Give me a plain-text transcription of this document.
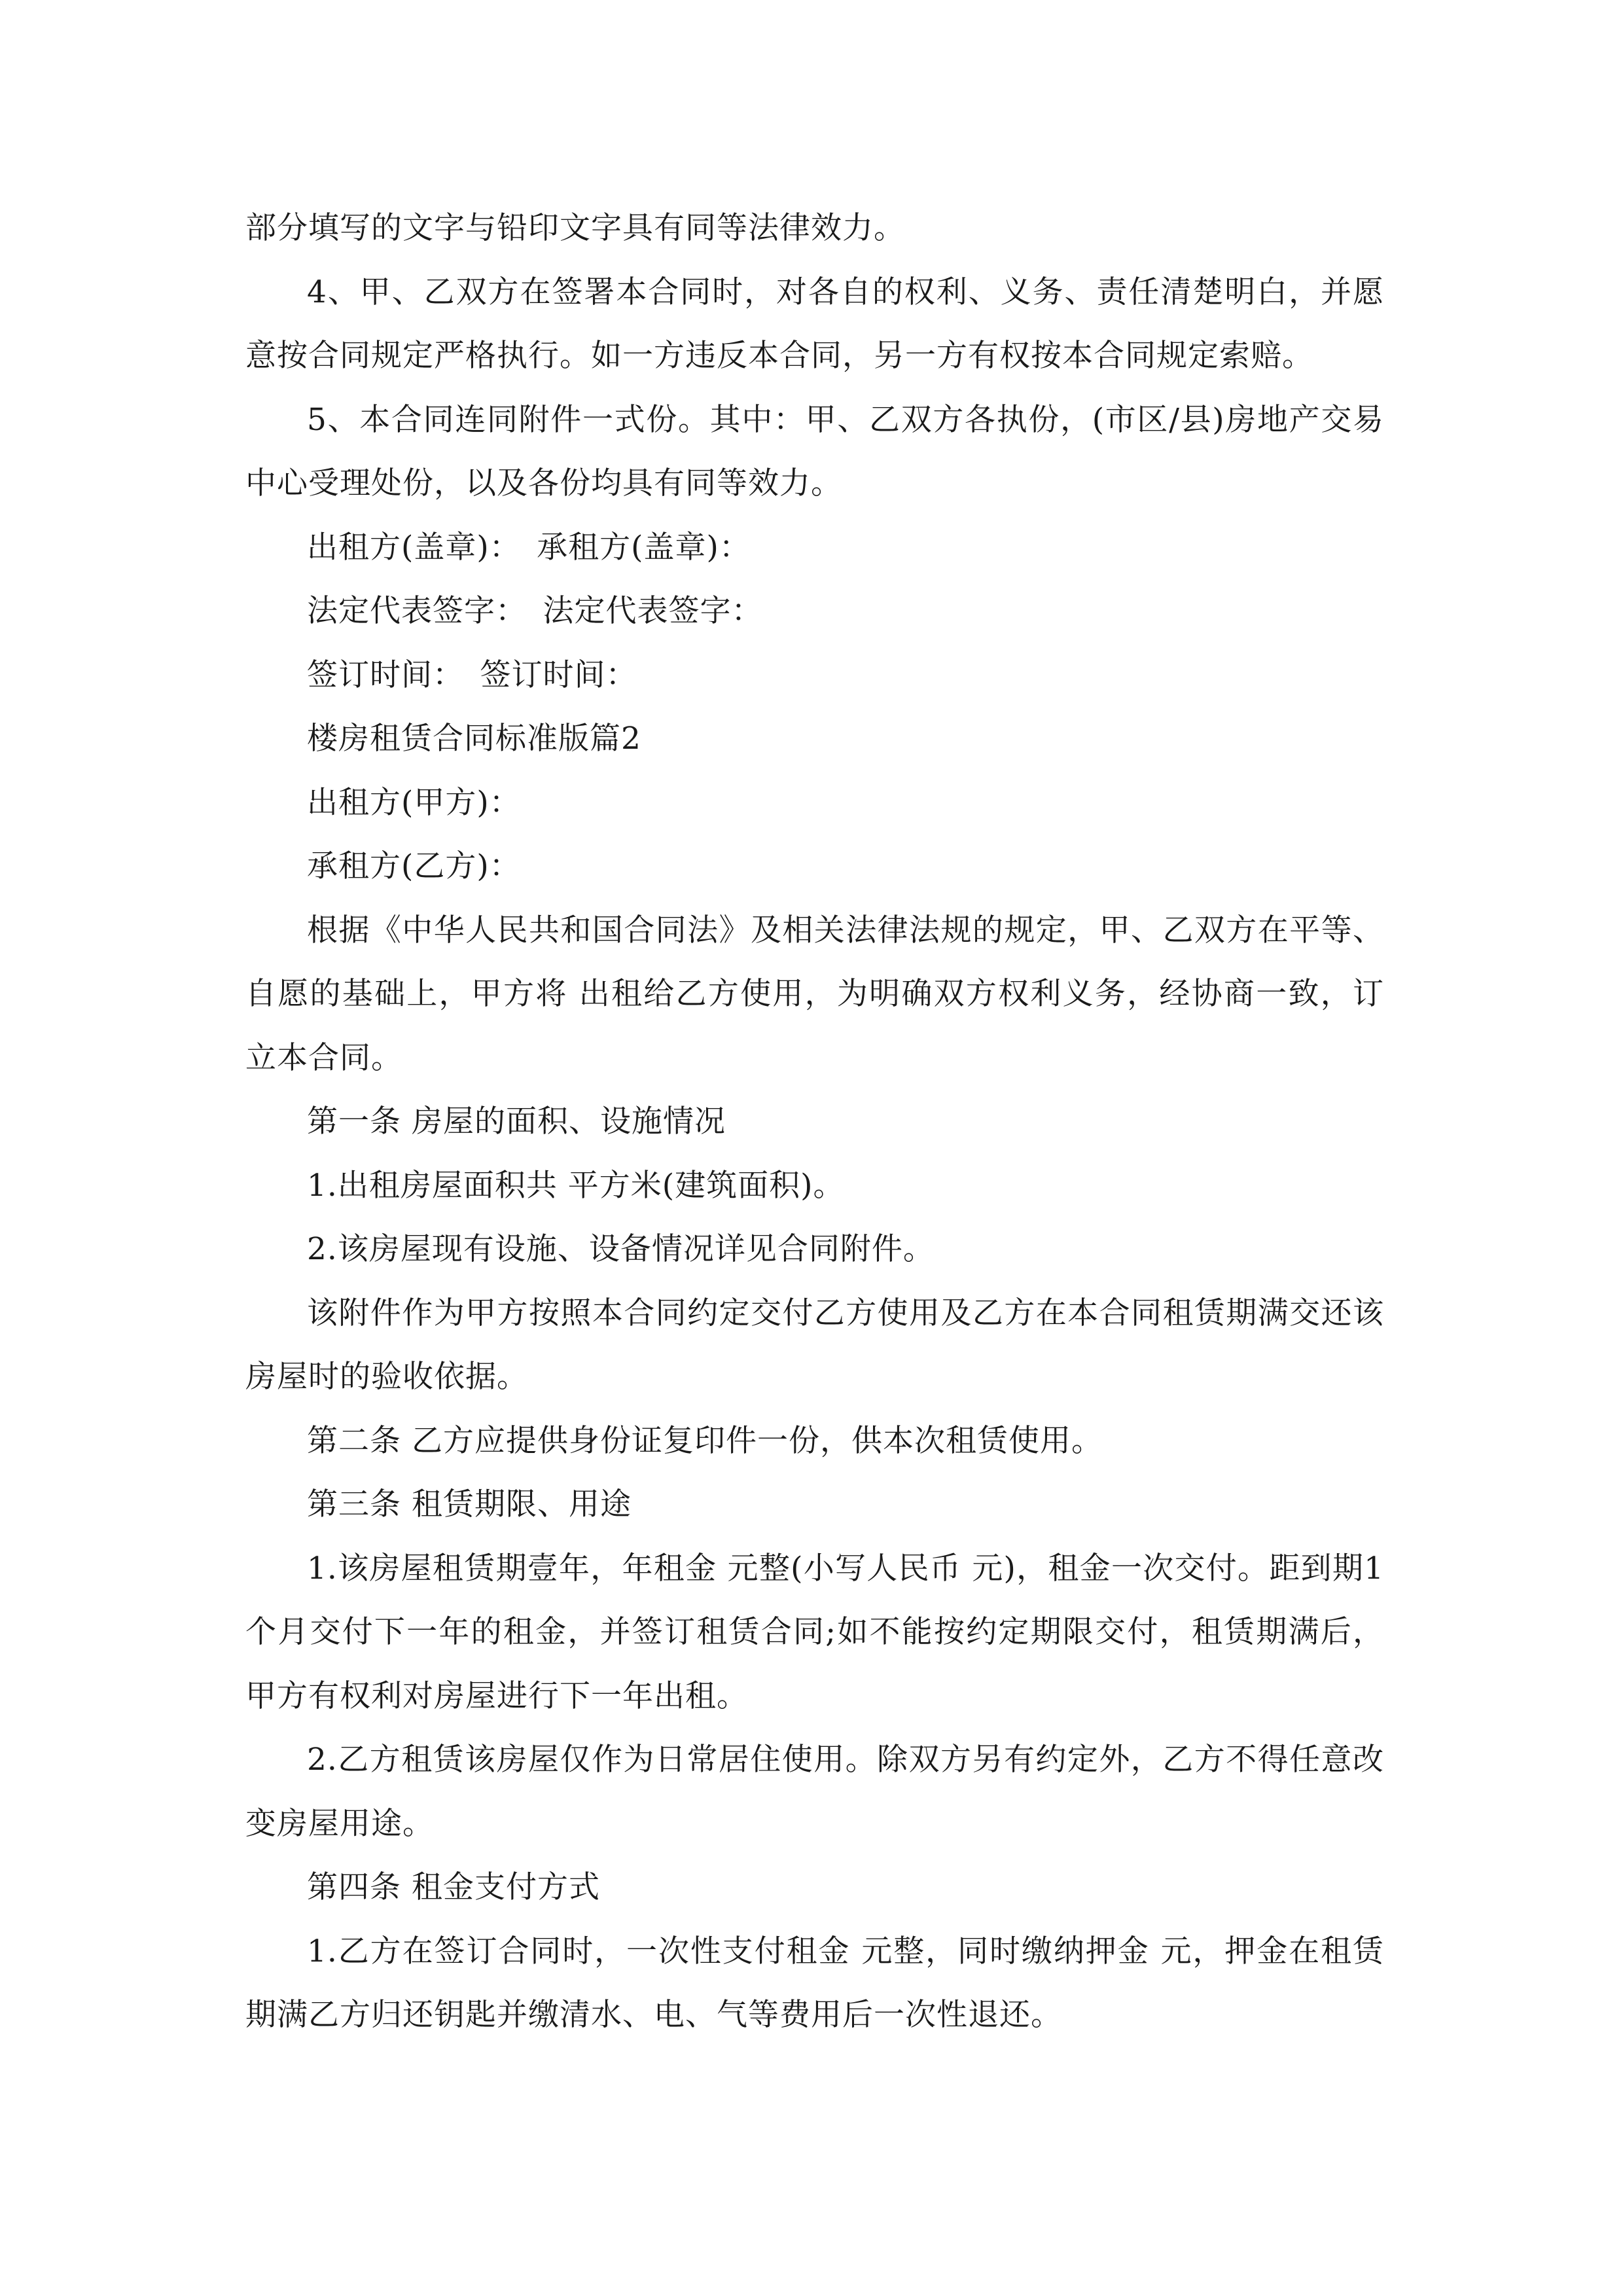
部分填写的文字与铅印文字具有同等法律效力。

4、甲、乙双方在签署本合同时，对各自的权利、义务、责任清楚明白，并愿意按合同规定严格执行。如一方违反本合同，另一方有权按本合同规定索赔。

5、本合同连同附件一式份。其中：甲、乙双方各执份，(市区/县)房地产交易中心受理处份，以及各份均具有同等效力。

出租方(盖章)：　承租方(盖章)：

法定代表签字：　法定代表签字：

签订时间：　签订时间：

楼房租赁合同标准版篇2

出租方(甲方)：

承租方(乙方)：

根据《中华人民共和国合同法》及相关法律法规的规定，甲、乙双方在平等、自愿的基础上，甲方将 出租给乙方使用，为明确双方权利义务，经协商一致，订立本合同。

第一条 房屋的面积、设施情况

1.出租房屋面积共 平方米(建筑面积)。

2.该房屋现有设施、设备情况详见合同附件。

该附件作为甲方按照本合同约定交付乙方使用及乙方在本合同租赁期满交还该房屋时的验收依据。

第二条 乙方应提供身份证复印件一份，供本次租赁使用。

第三条 租赁期限、用途

1.该房屋租赁期壹年，年租金 元整(小写人民币 元)，租金一次交付。距到期1个月交付下一年的租金，并签订租赁合同;如不能按约定期限交付，租赁期满后，甲方有权利对房屋进行下一年出租。

2.乙方租赁该房屋仅作为日常居住使用。除双方另有约定外，乙方不得任意改变房屋用途。

第四条 租金支付方式

1.乙方在签订合同时，一次性支付租金 元整，同时缴纳押金 元，押金在租赁期满乙方归还钥匙并缴清水、电、气等费用后一次性退还。
